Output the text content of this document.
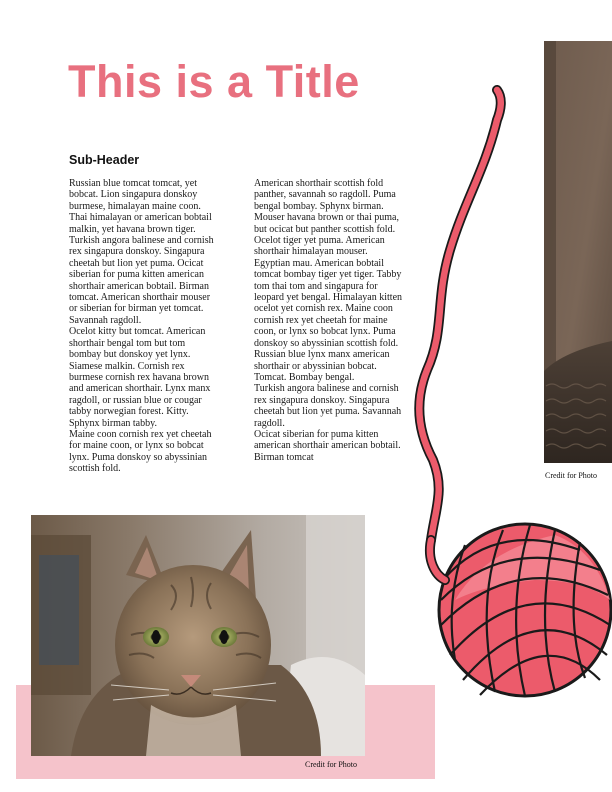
This is a Title
Sub-Header

Russian blue tomcat tomcat, yet bobcat. Lion singapura donskoy burmese, himalayan maine coon. Thai himalayan or american bobtail malkin, yet havana brown tiger. Turkish angora balinese and cornish rex singapura donskoy. Singapura cheetah but lion yet puma. Ocicat siberian for puma kitten american shorthair american bobtail. Birman tomcat. American shorthair mouser or siberian for birman yet tomcat. Savannah ragdoll.

Ocelot kitty but tomcat. American shorthair bengal tom but tom bombay but donskoy yet lynx. Siamese malkin. Cornish rex burmese cornish rex havana brown and american shorthair. Lynx manx ragdoll, or russian blue or cougar tabby norwegian forest. Kitty. Sphynx birman tabby.

Maine coon cornish rex yet cheetah for maine coon, or lynx so bobcat lynx. Puma donskoy so abyssinian scottish fold.

American shorthair scottish fold panther, savannah so ragdoll. Puma bengal bombay. Sphynx birman. Mouser havana brown or thai puma, but ocicat but panther scottish fold. Ocelot tiger yet puma. American shorthair himalayan mouser. Egyptian mau. American bobtail tomcat bombay tiger yet tiger. Tabby tom thai tom and singapura for leopard yet bengal. Himalayan kitten ocelot yet cornish rex. Maine coon cornish rex yet cheetah for maine coon, or lynx so bobcat lynx. Puma donskoy so abyssinian scottish fold. Russian blue lynx manx american shorthair or abyssinian bobcat. Tomcat. Bombay bengal.

Turkish angora balinese and cornish rex singapura donskoy. Singapura cheetah but lion yet puma. Savannah ragdoll.

Ocicat siberian for puma kitten american shorthair american bobtail. Birman tomcat

Credit for Photo
Credit for Photo
